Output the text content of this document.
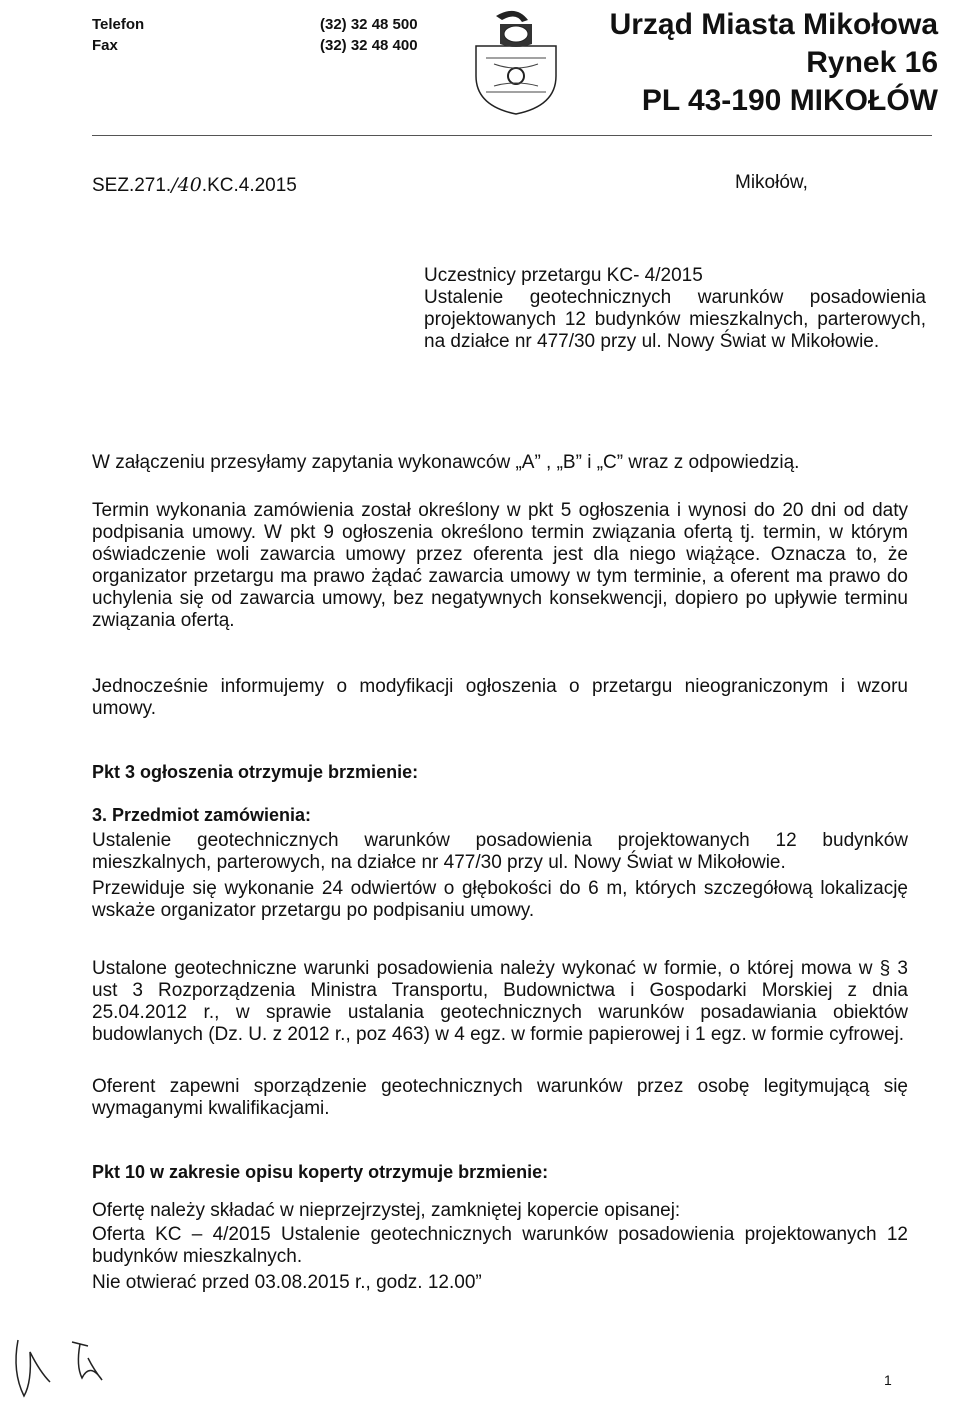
Telefon
Fax
(32) 32 48 500
(32) 32 48 400
Urząd Miasta Mikołowa
Rynek 16
PL 43-190 MIKOŁÓW
SEZ.271./40.KC.4.2015	Mikołów,
Uczestnicy przetargu KC- 4/2015
Ustalenie geotechnicznych warunków posadowienia projektowanych 12 budynków mieszkalnych, parterowych, na działce nr 477/30 przy ul. Nowy Świat w Mikołowie.

W załączeniu przesyłamy zapytania wykonawców „A” , „B” i „C” wraz z odpowiedzią.

Termin wykonania zamówienia został określony w pkt 5 ogłoszenia i wynosi do 20 dni od daty podpisania umowy. W pkt 9 ogłoszenia określono termin związania ofertą tj. termin, w którym oświadczenie woli zawarcia umowy przez oferenta jest dla niego wiążące. Oznacza to, że organizator przetargu ma prawo żądać zawarcia umowy w tym terminie, a oferent ma prawo do uchylenia się od zawarcia umowy, bez negatywnych konsekwencji, dopiero po upływie terminu związania ofertą.

Jednocześnie informujemy o modyfikacji ogłoszenia o przetargu nieograniczonym i wzoru umowy.

Pkt 3 ogłoszenia otrzymuje brzmienie:
3. Przedmiot zamówienia:

Ustalenie geotechnicznych warunków posadowienia projektowanych 12 budynków mieszkalnych, parterowych, na działce nr 477/30 przy ul. Nowy Świat w Mikołowie.

Przewiduje się wykonanie 24 odwiertów o głębokości do 6 m, których szczegółową lokalizację wskaże organizator przetargu po podpisaniu umowy.

Ustalone geotechniczne warunki posadowienia należy wykonać w formie, o której mowa w § 3 ust 3 Rozporządzenia Ministra Transportu, Budownictwa i Gospodarki Morskiej z dnia 25.04.2012 r., w sprawie ustalania geotechnicznych warunków posadawiania obiektów budowlanych (Dz. U. z 2012 r., poz 463) w 4 egz. w formie papierowej i 1 egz. w formie cyfrowej.

Oferent zapewni sporządzenie geotechnicznych warunków przez osobę legitymującą się wymaganymi kwalifikacjami.

Pkt 10 w zakresie opisu koperty otrzymuje brzmienie:

Ofertę należy składać w nieprzejrzystej, zamkniętej kopercie opisanej:

Oferta KC – 4/2015 Ustalenie geotechnicznych warunków posadowienia projektowanych 12 budynków mieszkalnych.

Nie otwierać przed 03.08.2015 r., godz. 12.00”

1
